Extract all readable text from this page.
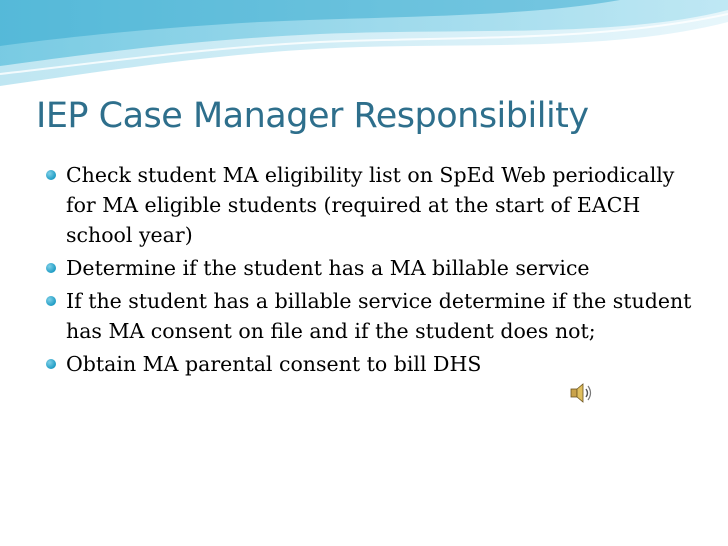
IEP Case Manager Responsibility
Check student MA eligibility list on SpEd Web periodically for MA eligible students (required at the start of EACH school year)
Determine if the student has a MA billable service
If the student has a billable service determine if the student has MA consent on file and if the student does not;
Obtain MA parental consent to bill DHS
